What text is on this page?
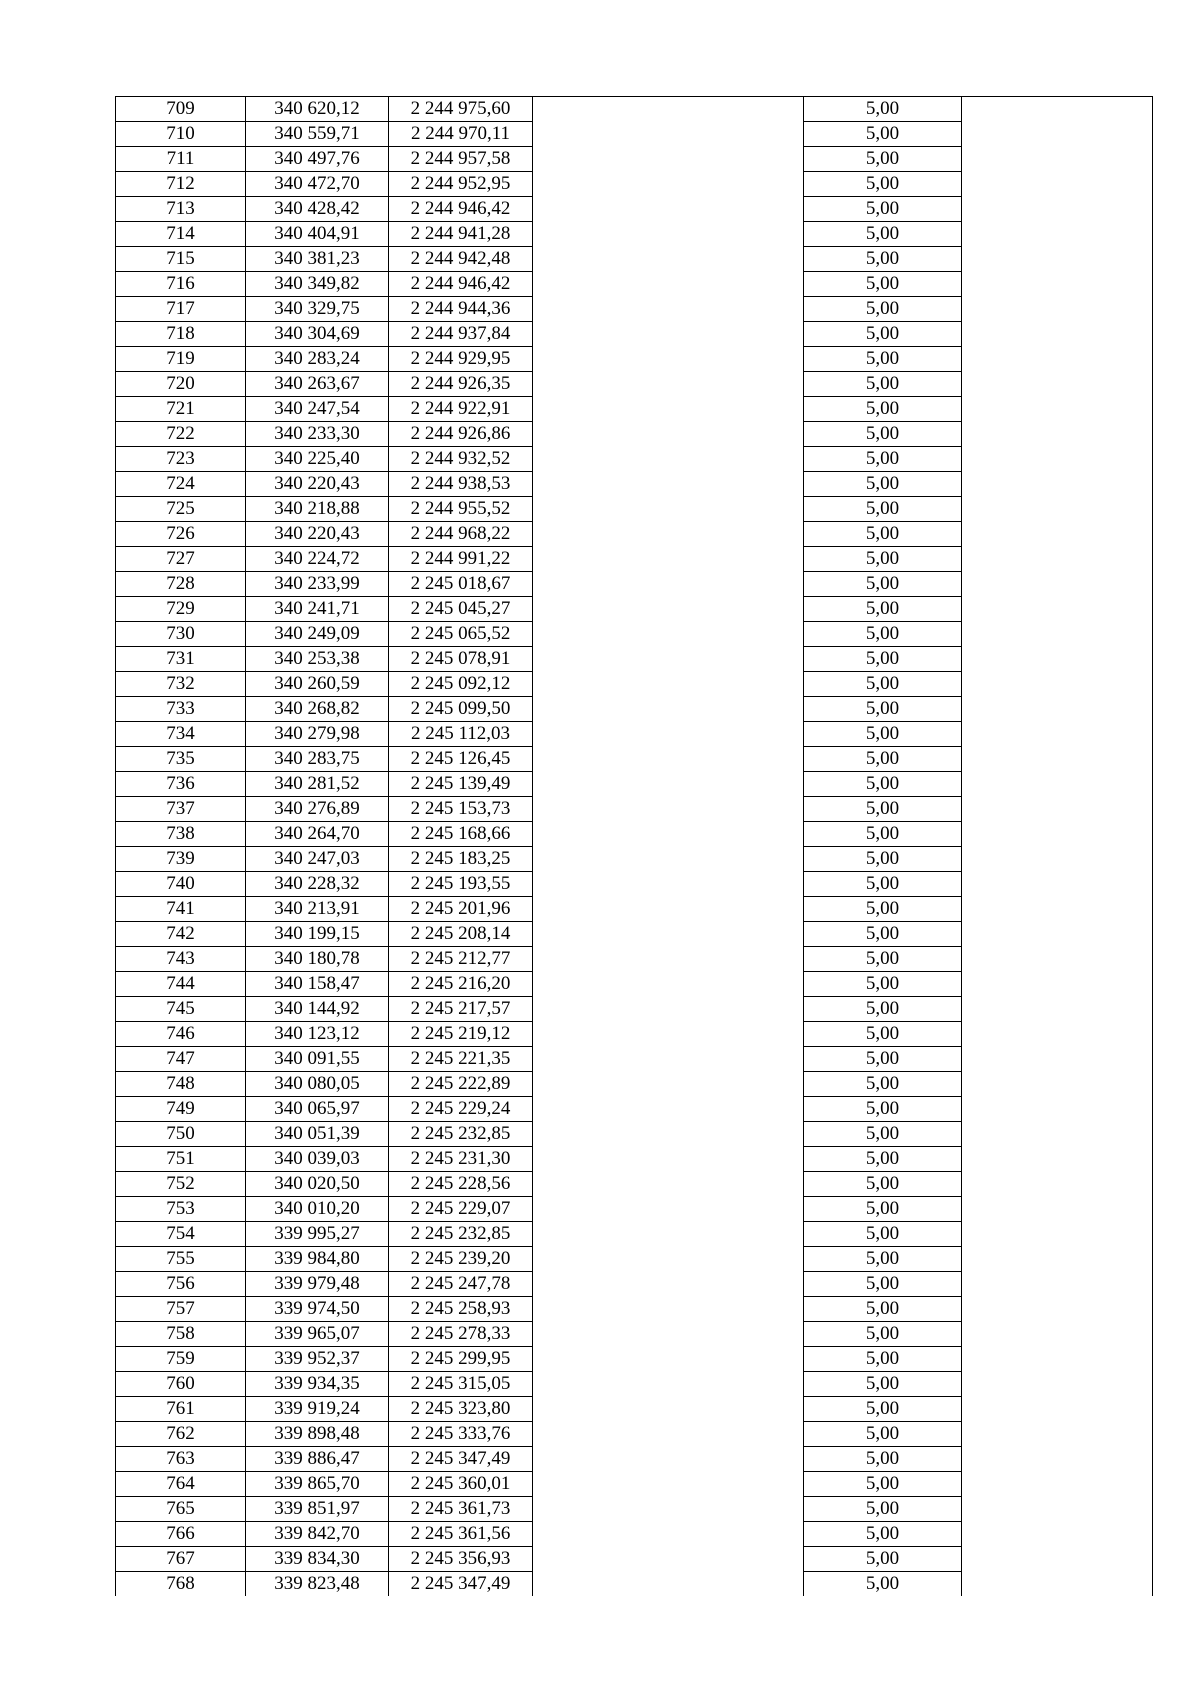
709	340 620,12	2 244 975,60		5,00	
710	340 559,71	2 244 970,11		5,00	
711	340 497,76	2 244 957,58		5,00	
712	340 472,70	2 244 952,95		5,00	
713	340 428,42	2 244 946,42		5,00	
714	340 404,91	2 244 941,28		5,00	
715	340 381,23	2 244 942,48		5,00	
716	340 349,82	2 244 946,42		5,00	
717	340 329,75	2 244 944,36		5,00	
718	340 304,69	2 244 937,84		5,00	
719	340 283,24	2 244 929,95		5,00	
720	340 263,67	2 244 926,35		5,00	
721	340 247,54	2 244 922,91		5,00	
722	340 233,30	2 244 926,86		5,00	
723	340 225,40	2 244 932,52		5,00	
724	340 220,43	2 244 938,53		5,00	
725	340 218,88	2 244 955,52		5,00	
726	340 220,43	2 244 968,22		5,00	
727	340 224,72	2 244 991,22		5,00	
728	340 233,99	2 245 018,67		5,00	
729	340 241,71	2 245 045,27		5,00	
730	340 249,09	2 245 065,52		5,00	
731	340 253,38	2 245 078,91		5,00	
732	340 260,59	2 245 092,12		5,00	
733	340 268,82	2 245 099,50		5,00	
734	340 279,98	2 245 112,03		5,00	
735	340 283,75	2 245 126,45		5,00	
736	340 281,52	2 245 139,49		5,00	
737	340 276,89	2 245 153,73		5,00	
738	340 264,70	2 245 168,66		5,00	
739	340 247,03	2 245 183,25		5,00	
740	340 228,32	2 245 193,55		5,00	
741	340 213,91	2 245 201,96		5,00	
742	340 199,15	2 245 208,14		5,00	
743	340 180,78	2 245 212,77		5,00	
744	340 158,47	2 245 216,20		5,00	
745	340 144,92	2 245 217,57		5,00	
746	340 123,12	2 245 219,12		5,00	
747	340 091,55	2 245 221,35		5,00	
748	340 080,05	2 245 222,89		5,00	
749	340 065,97	2 245 229,24		5,00	
750	340 051,39	2 245 232,85		5,00	
751	340 039,03	2 245 231,30		5,00	
752	340 020,50	2 245 228,56		5,00	
753	340 010,20	2 245 229,07		5,00	
754	339 995,27	2 245 232,85		5,00	
755	339 984,80	2 245 239,20		5,00	
756	339 979,48	2 245 247,78		5,00	
757	339 974,50	2 245 258,93		5,00	
758	339 965,07	2 245 278,33		5,00	
759	339 952,37	2 245 299,95		5,00	
760	339 934,35	2 245 315,05		5,00	
761	339 919,24	2 245 323,80		5,00	
762	339 898,48	2 245 333,76		5,00	
763	339 886,47	2 245 347,49		5,00	
764	339 865,70	2 245 360,01		5,00	
765	339 851,97	2 245 361,73		5,00	
766	339 842,70	2 245 361,56		5,00	
767	339 834,30	2 245 356,93		5,00	
768	339 823,48	2 245 347,49		5,00	
